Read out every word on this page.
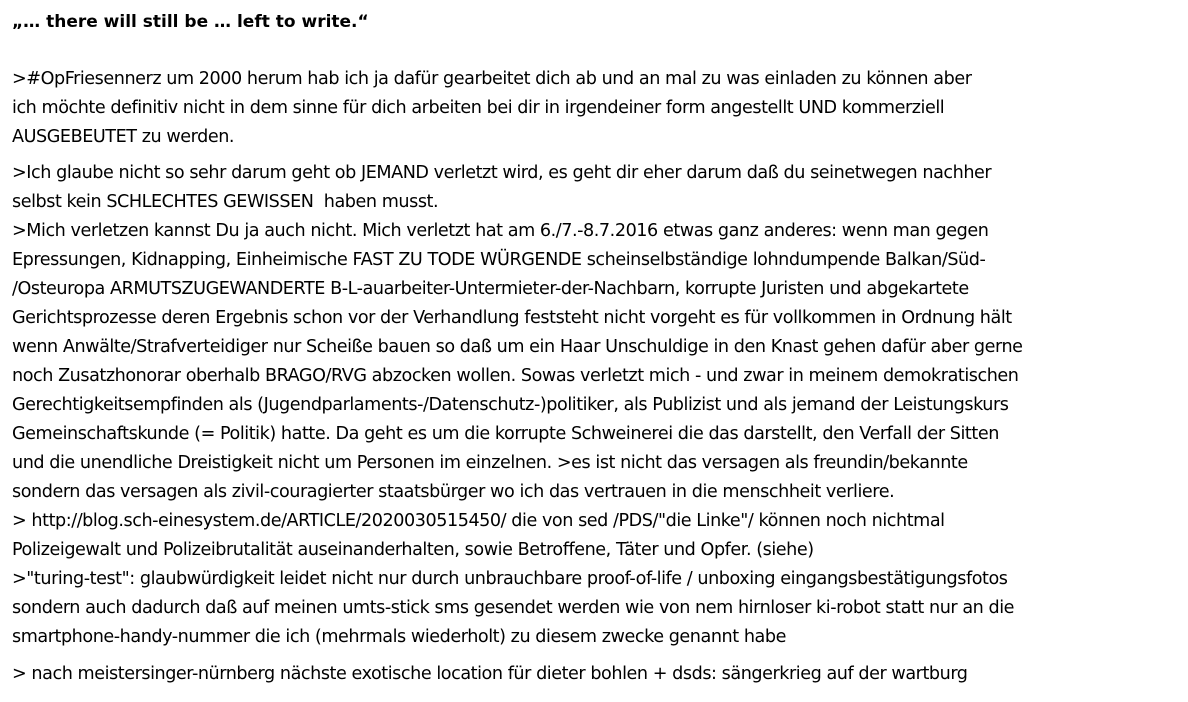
„… there will still be … left to write.“
>#OpFriesennerz um 2000 herum hab ich ja dafür gearbeitet dich ab und an mal zu was einladen zu können aber
ich möchte definitiv nicht in dem sinne für dich arbeiten bei dir in irgendeiner form angestellt UND kommerziell
AUSGEBEUTET zu werden.
>Ich glaube nicht so sehr darum geht ob JEMAND verletzt wird, es geht dir eher darum daß du seinetwegen nachher
selbst kein SCHLECHTES GEWISSEN  haben musst.
>Mich verletzen kannst Du ja auch nicht. Mich verletzt hat am 6./7.-8.7.2016 etwas ganz anderes: wenn man gegen
Epressungen, Kidnapping, Einheimische FAST ZU TODE WÜRGENDE scheinselbständige lohndumpende Balkan/Süd-
/Osteuropa ARMUTSZUGEWANDERTE B-L-auarbeiter-Untermieter-der-Nachbarn, korrupte Juristen und abgekartete
Gerichtsprozesse deren Ergebnis schon vor der Verhandlung feststeht nicht vorgeht es für vollkommen in Ordnung hält
wenn Anwälte/Strafverteidiger nur Scheiße bauen so daß um ein Haar Unschuldige in den Knast gehen dafür aber gerne
noch Zusatzhonorar oberhalb BRAGO/RVG abzocken wollen. Sowas verletzt mich - und zwar in meinem demokratischen
Gerechtigkeitsempfinden als (Jugendparlaments-/Datenschutz-)politiker, als Publizist und als jemand der Leistungskurs
Gemeinschaftskunde (= Politik) hatte. Da geht es um die korrupte Schweinerei die das darstellt, den Verfall der Sitten
und die unendliche Dreistigkeit nicht um Personen im einzelnen. >es ist nicht das versagen als freundin/bekannte
sondern das versagen als zivil-couragierter staatsbürger wo ich das vertrauen in die menschheit verliere.
> http://blog.sch-einesystem.de/ARTICLE/2020030515450/ die von sed /PDS/"die Linke"/ können noch nichtmal
Polizeigewalt und Polizeibrutalität auseinanderhalten, sowie Betroffene, Täter und Opfer. (siehe)
>"turing-test": glaubwürdigkeit leidet nicht nur durch unbrauchbare proof-of-life / unboxing eingangsbestätigungsfotos
sondern auch dadurch daß auf meinen umts-stick sms gesendet werden wie von nem hirnloser ki-robot statt nur an die
smartphone-handy-nummer die ich (mehrmals wiederholt) zu diesem zwecke genannt habe
> nach meistersinger-nürnberg nächste exotische location für dieter bohlen + dsds: sängerkrieg auf der wartburg
